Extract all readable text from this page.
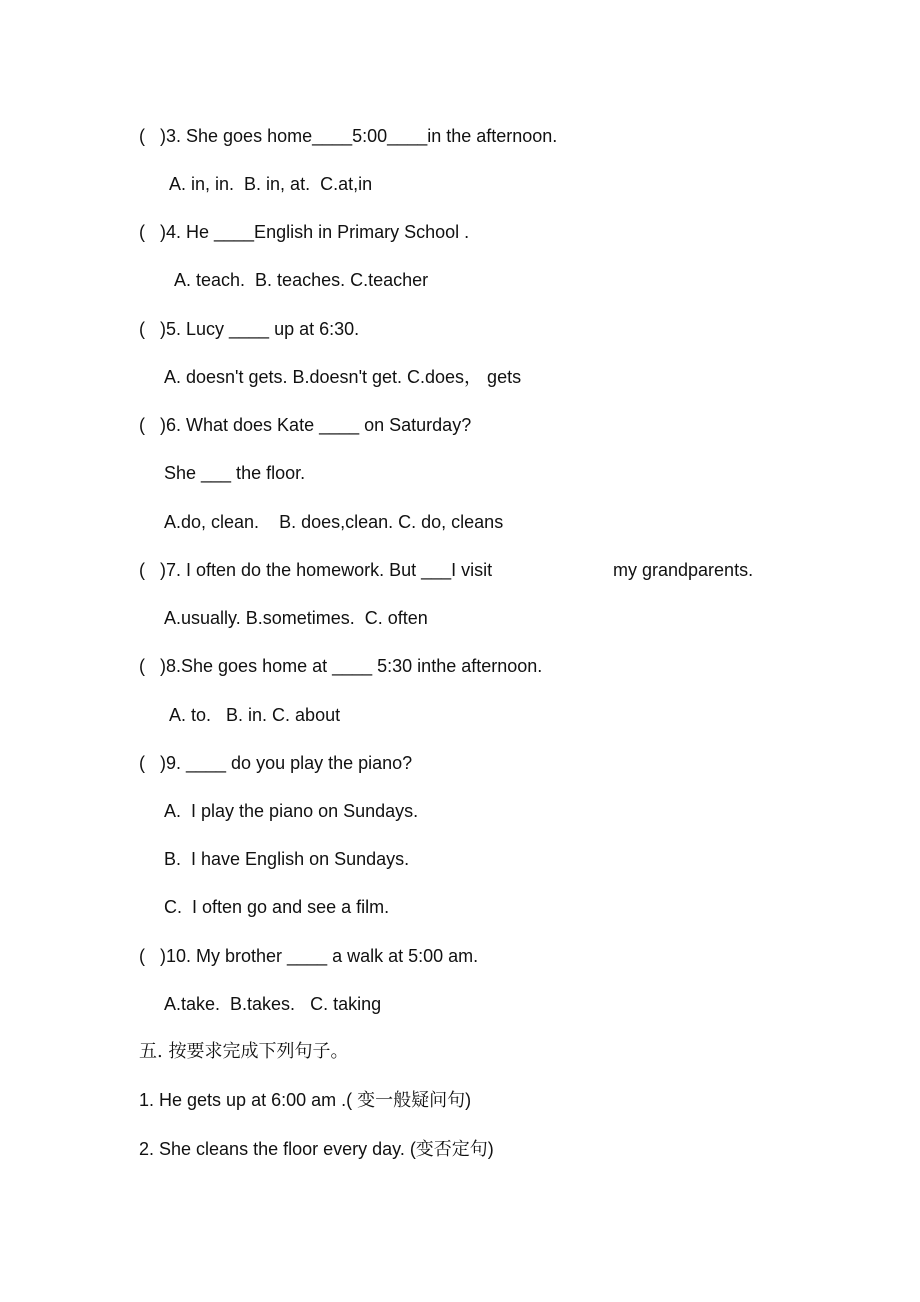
(   )3. She goes home____5:00____in the afternoon.
A. in, in.  B. in, at.  C.at,in
(   )4. He ____English in Primary School .
A. teach.  B. teaches. C.teacher
(   )5. Lucy ____ up at 6:30.
A. doesn't gets. B.doesn't get. C.does， gets
(   )6. What does Kate ____ on Saturday?
She ___ the floor.
A.do, clean.    B. does,clean. C. do, cleans
(   )7. I often do the homework. But ___I visit	my grandparents.
A.usually. B.sometimes.  C. often
(   )8.She goes home at ____ 5:30 inthe afternoon.
A. to.   B. in. C. about
(   )9. ____ do you play the piano?
A.  I play the piano on Sundays.
B.  I have English on Sundays.
C.  I often go and see a film.
(   )10. My brother ____ a walk at 5:00 am.
A.take.  B.takes.   C. taking
五. 按要求完成下列句子。
1. He gets up at 6:00 am .( 变一般疑问句)
2. She cleans the floor every day. (变否定句)
